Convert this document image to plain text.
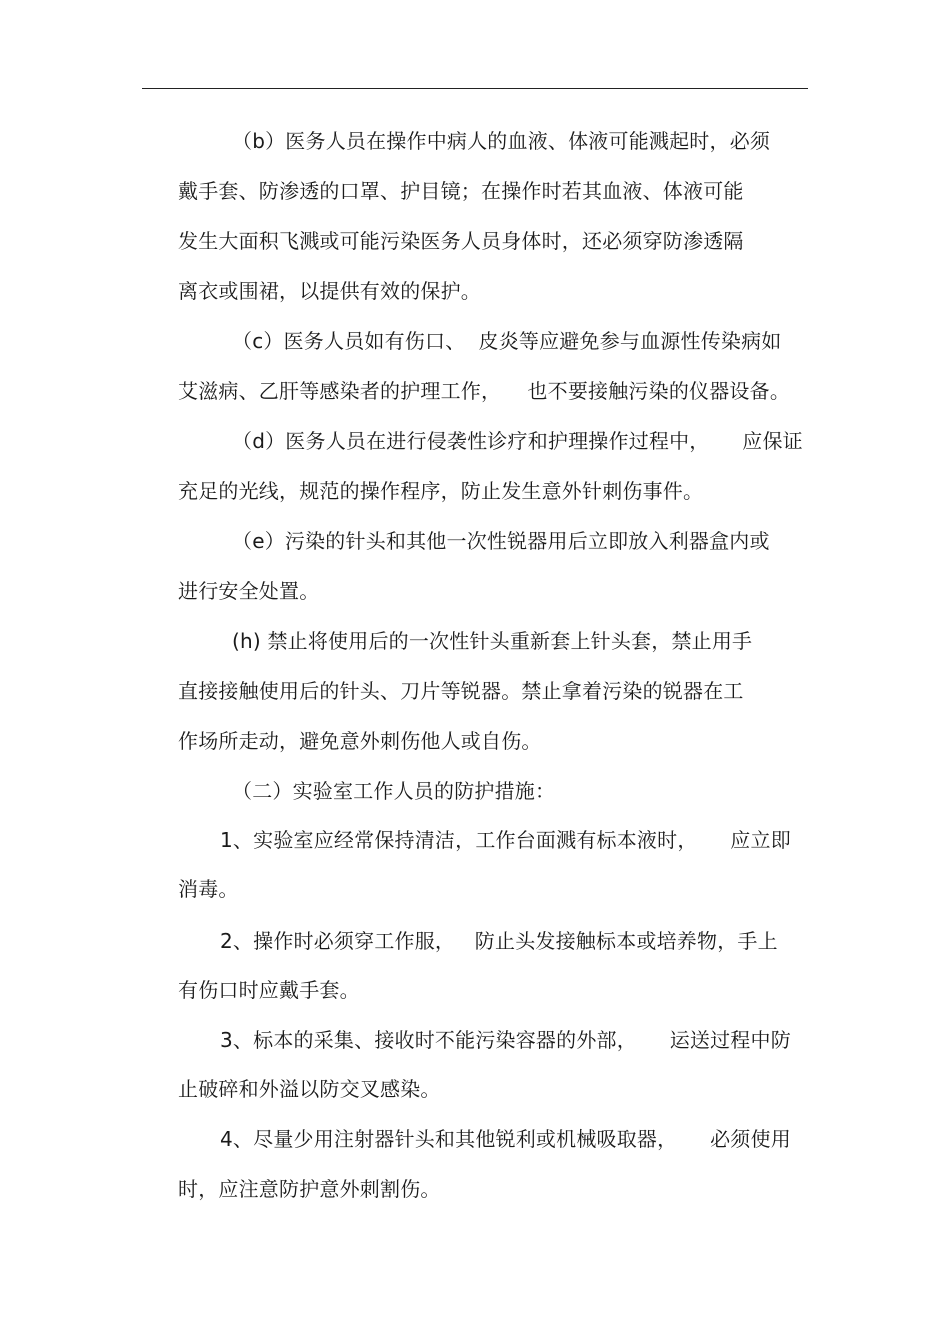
（b）医务人员在操作中病人的血液、体液可能溅起时，必须
戴手套、防渗透的口罩、护目镜；在操作时若其血液、体液可能
发生大面积飞溅或可能污染医务人员身体时，还必须穿防渗透隔
离衣或围裙，以提供有效的保护。
（c）医务人员如有伤口、  皮炎等应避免参与血源性传染病如
艾滋病、乙肝等感染者的护理工作，    也不要接触污染的仪器设备。
（d）医务人员在进行侵袭性诊疗和护理操作过程中，     应保证
充足的光线，规范的操作程序，防止发生意外针刺伤事件。
（e）污染的针头和其他一次性锐器用后立即放入利器盒内或
进行安全处置。
(h) 禁止将使用后的一次性针头重新套上针头套，禁止用手
直接接触使用后的针头、刀片等锐器。禁止拿着污染的锐器在工
作场所走动，避免意外刺伤他人或自伤。
（二）实验室工作人员的防护措施：
1、实验室应经常保持清洁，工作台面溅有标本液时，     应立即
消毒。
2、操作时必须穿工作服，   防止头发接触标本或培养物，手上
有伤口时应戴手套。
3、标本的采集、接收时不能污染容器的外部，     运送过程中防
止破碎和外溢以防交叉感染。
4、尽量少用注射器针头和其他锐利或机械吸取器，     必须使用
时，应注意防护意外刺割伤。
